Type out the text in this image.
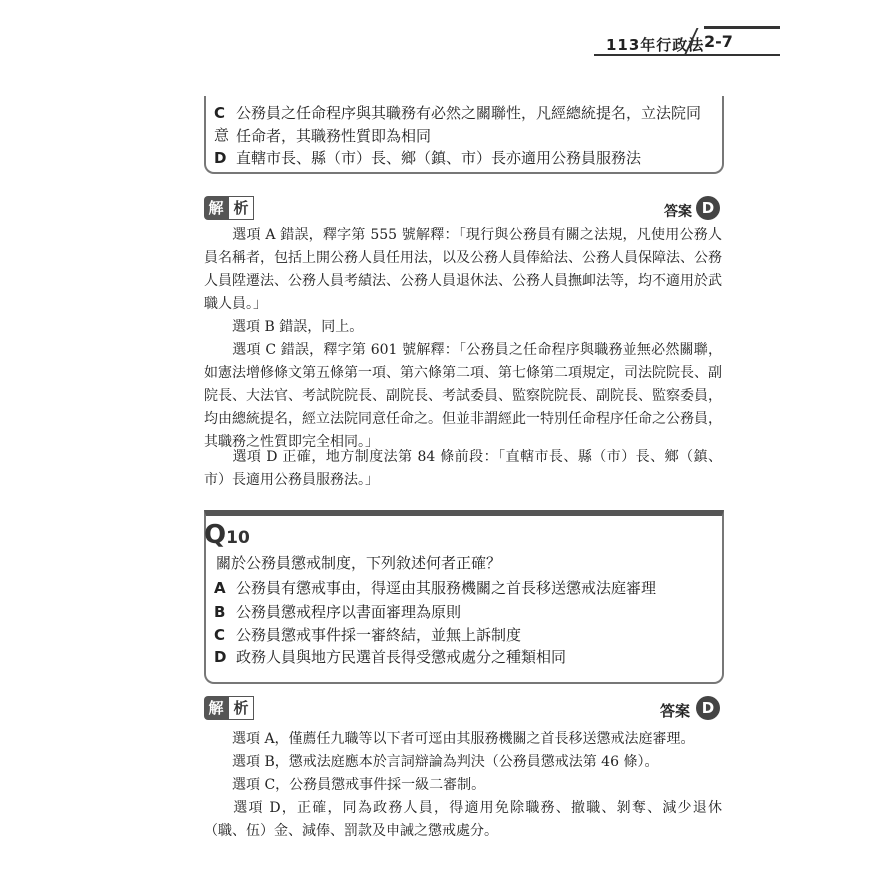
113年行政法 2-7
C 公務員之任命程序與其職務有必然之關聯性，凡經總統提名，立法院同意 任命者，其職務性質即為相同
D 直轄市長、縣（市）長、鄉（鎮、市）長亦適用公務員服務法
解 析	答案 D
選項 A 錯誤，釋字第 555 號解釋：「現行與公務員有關之法規，凡使用公務人員名稱者，包括上開公務人員任用法，以及公務人員俸給法、公務人員保障法、公務人員陞遷法、公務人員考績法、公務人員退休法、公務人員撫卹法等，均不適用於武職人員。」
選項 B 錯誤，同上。
選項 C 錯誤，釋字第 601 號解釋：「公務員之任命程序與職務並無必然關聯，如憲法增修條文第五條第一項、第六條第二項、第七條第二項規定，司法院院長、副院長、大法官、考試院院長、副院長、考試委員、監察院院長、副院長、監察委員，均由總統提名，經立法院同意任命之。但並非謂經此一特別任命程序任命之公務員，其職務之性質即完全相同。」
選項 D 正確，地方制度法第 84 條前段：「直轄市長、縣（市）長、鄉（鎮、市）長適用公務員服務法。」
Q10
關於公務員懲戒制度，下列敘述何者正確？
A 公務員有懲戒事由，得逕由其服務機關之首長移送懲戒法庭審理
B 公務員懲戒程序以書面審理為原則
C 公務員懲戒事件採一審終結，並無上訴制度
D 政務人員與地方民選首長得受懲戒處分之種類相同
解 析	答案 D
選項 A，僅薦任九職等以下者可逕由其服務機關之首長移送懲戒法庭審理。
選項 B，懲戒法庭應本於言詞辯論為判決（公務員懲戒法第 46 條）。
選項 C，公務員懲戒事件採一級二審制。
選項 D，正確，同為政務人員，得適用免除職務、撤職、剝奪、減少退休（職、伍）金、減俸、罰款及申誡之懲戒處分。
